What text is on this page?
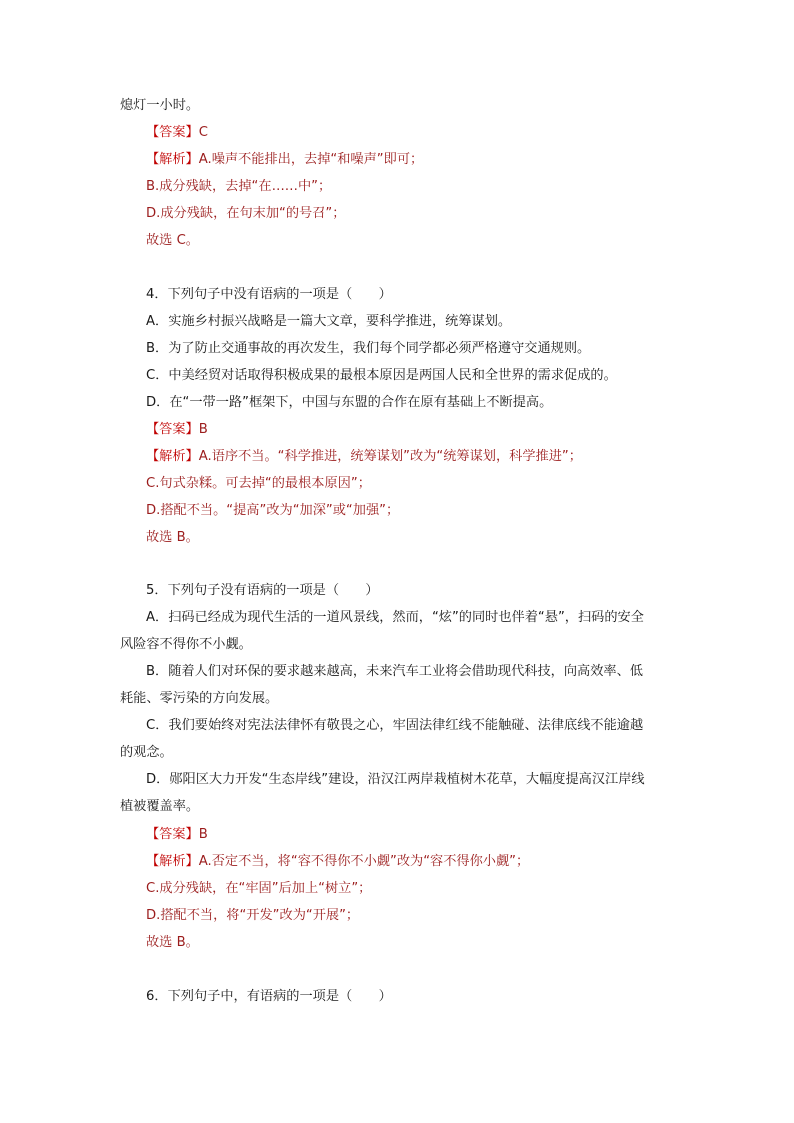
熄灯一小时。
【答案】C
【解析】A.噪声不能排出，去掉“和噪声”即可；
B.成分残缺，去掉“在……中”；
D.成分残缺，在句末加“的号召”；
故选 C。
4．下列句子中没有语病的一项是（　　）
A．实施乡村振兴战略是一篇大文章，要科学推进，统筹谋划。
B．为了防止交通事故的再次发生，我们每个同学都必须严格遵守交通规则。
C．中美经贸对话取得积极成果的最根本原因是两国人民和全世界的需求促成的。
D．在“一带一路”框架下，中国与东盟的合作在原有基础上不断提高。
【答案】B
【解析】A.语序不当。“科学推进，统筹谋划”改为“统筹谋划，科学推进”；
C.句式杂糅。可去掉“的最根本原因”；
D.搭配不当。“提高”改为“加深”或“加强”；
故选 B。
5．下列句子没有语病的一项是（　　）
A．扫码已经成为现代生活的一道风景线，然而，“炫”的同时也伴着“悬”，扫码的安全
风险容不得你不小觑。
B．随着人们对环保的要求越来越高，未来汽车工业将会借助现代科技，向高效率、低
耗能、零污染的方向发展。
C．我们要始终对宪法法律怀有敬畏之心，牢固法律红线不能触碰、法律底线不能逾越
的观念。
D．郧阳区大力开发“生态岸线”建设，沿汉江两岸栽植树木花草，大幅度提高汉江岸线
植被覆盖率。
【答案】B
【解析】A.否定不当，将“容不得你不小觑”改为“容不得你小觑”；
C.成分残缺，在“牢固”后加上“树立”；
D.搭配不当，将“开发”改为“开展”；
故选 B。
6．下列句子中，有语病的一项是（　　）
